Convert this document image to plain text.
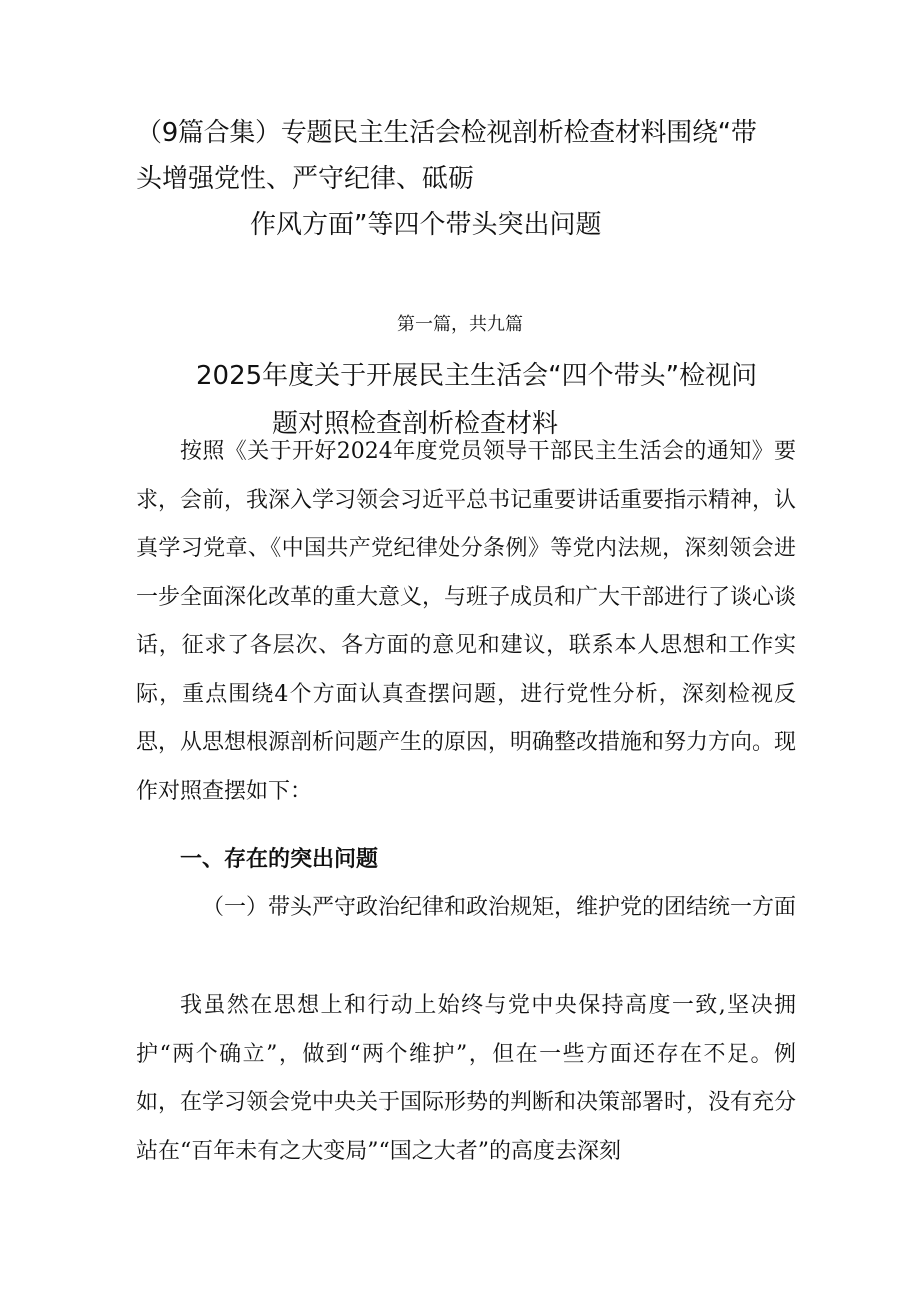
（9篇合集）专题民主生活会检视剖析检查材料围绕“带
头增强党性、严守纪律、砥砺
作风方面”等四个带头突出问题
第一篇，共九篇
2025年度关于开展民主生活会“四个带头”检视问
题对照检查剖析检查材料

按照《关于开好2024年度党员领导干部民主生活会的通知》要求，会前，我深入学习领会习近平总书记重要讲话重要指示精神，认真学习党章、《中国共产党纪律处分条例》等党内法规，深刻领会进一步全面深化改革的重大意义，与班子成员和广大干部进行了谈心谈话，征求了各层次、各方面的意见和建议，联系本人思想和工作实际，重点围绕4个方面认真查摆问题，进行党性分析，深刻检视反思，从思想根源剖析问题产生的原因，明确整改措施和努力方向。现作对照查摆如下：

一、存在的突出问题

（一）带头严守政治纪律和政治规矩，维护党的团结统一方面

我虽然在思想上和行动上始终与党中央保持高度一致,坚决拥护“两个确立”，做到“两个维护”，但在一些方面还存在不足。例如，在学习领会党中央关于国际形势的判断和决策部署时，没有充分站在“百年未有之大变局”“国之大者”的高度去深刻
